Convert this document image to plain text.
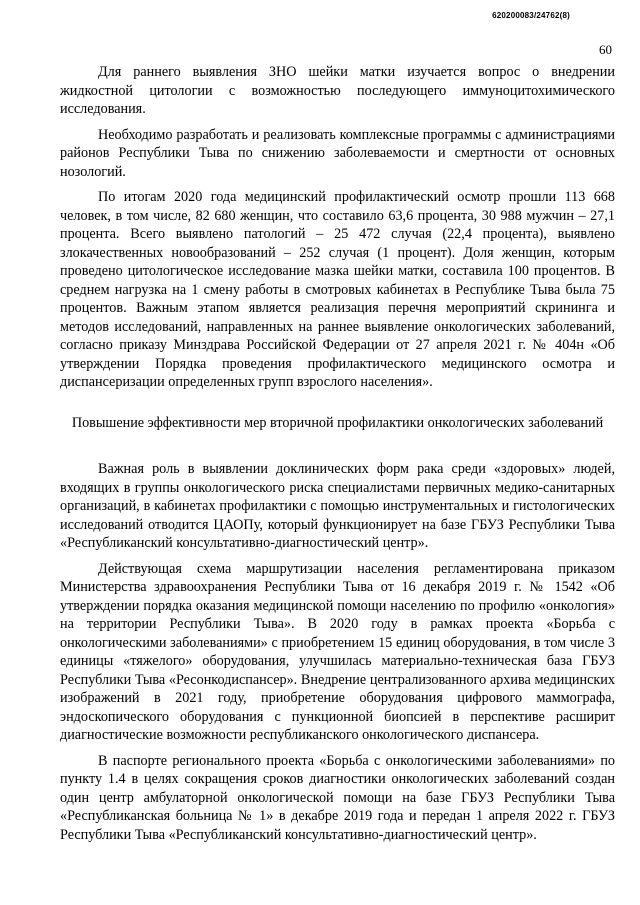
620200083/24762(8)
60

Для раннего выявления ЗНО шейки матки изучается вопрос о внедрении жидкостной цитологии с возможностью последующего иммуноцитохимического исследования.

Необходимо разработать и реализовать комплексные программы с администрациями районов Республики Тыва по снижению заболеваемости и смертности от основных нозологий.

По итогам 2020 года медицинский профилактический осмотр прошли 113 668 человек, в том числе, 82 680 женщин, что составило 63,6 процента, 30 988 мужчин – 27,1 процента. Всего выявлено патологий – 25 472 случая (22,4 процента), выявлено злокачественных новообразований – 252 случая (1 процент). Доля женщин, которым проведено цитологическое исследование мазка шейки матки, составила 100 процентов. В среднем нагрузка на 1 смену работы в смотровых кабинетах в Республике Тыва была 75 процентов. Важным этапом является реализация перечня мероприятий скрининга и методов исследований, направленных на раннее выявление онкологических заболеваний, согласно приказу Минздрава Российской Федерации от 27 апреля 2021 г. № 404н «Об утверждении Порядка проведения профилактического медицинского осмотра и диспансеризации определенных групп взрослого населения».

Повышение эффективности мер вторичной профилактики онкологических заболеваний

Важная роль в выявлении доклинических форм рака среди «здоровых» людей, входящих в группы онкологического риска специалистами первичных медико-санитарных организаций, в кабинетах профилактики с помощью инструментальных и гистологических исследований отводится ЦАОПу, который функционирует на базе ГБУЗ Республики Тыва «Республиканский консультативно-диагностический центр».

Действующая схема маршрутизации населения регламентирована приказом Министерства здравоохранения Республики Тыва от 16 декабря 2019 г. № 1542 «Об утверждении порядка оказания медицинской помощи населению по профилю «онкология» на территории Республики Тыва». В 2020 году в рамках проекта «Борьба с онкологическими заболеваниями» с приобретением 15 единиц оборудования, в том числе 3 единицы «тяжелого» оборудования, улучшилась материально-техническая база ГБУЗ Республики Тыва «Ресонкодиспансер». Внедрение централизованного архива медицинских изображений в 2021 году, приобретение оборудования цифрового маммографа, эндоскопического оборудования с пункционной биопсией в перспективе расширит диагностические возможности республиканского онкологического диспансера.

В паспорте регионального проекта «Борьба с онкологическими заболеваниями» по пункту 1.4 в целях сокращения сроков диагностики онкологических заболеваний создан один центр амбулаторной онкологической помощи на базе ГБУЗ Республики Тыва «Республиканская больница № 1» в декабре 2019 года и передан 1 апреля 2022 г. ГБУЗ Республики Тыва «Республиканский консультативно-диагностический центр».
